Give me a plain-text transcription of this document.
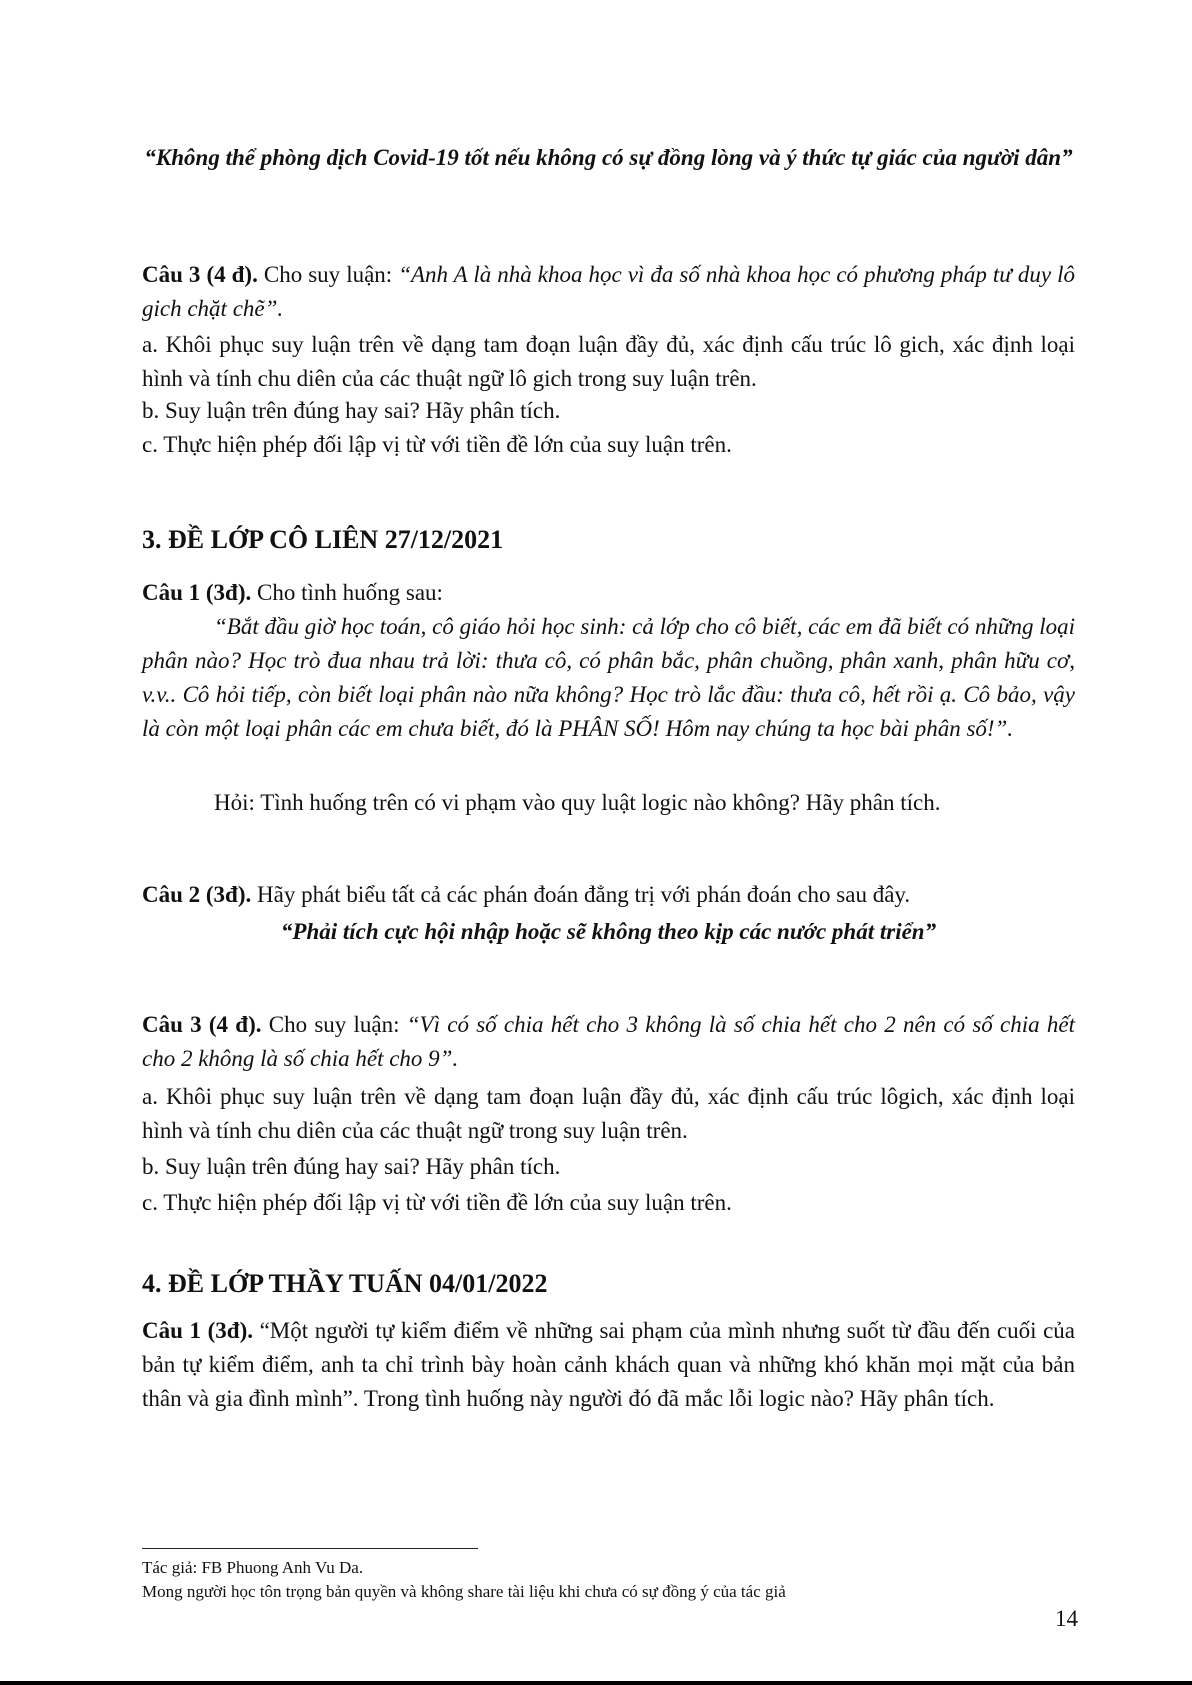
“Không thể phòng dịch Covid-19 tốt nếu không có sự đồng lòng và ý thức tự giác của người dân”

Câu 3 (4 đ). Cho suy luận: “Anh A là nhà khoa học vì đa số nhà khoa học có phương pháp tư duy lô gich chặt chẽ”.

a. Khôi phục suy luận trên về dạng tam đoạn luận đầy đủ, xác định cấu trúc lô gich, xác định loại hình và tính chu diên của các thuật ngữ lô gich trong suy luận trên.

b. Suy luận trên đúng hay sai? Hãy phân tích.

c. Thực hiện phép đối lập vị từ với tiền đề lớn của suy luận trên.

3. ĐỀ LỚP CÔ LIÊN 27/12/2021

Câu 1 (3đ). Cho tình huống sau:

“Bắt đầu giờ học toán, cô giáo hỏi học sinh: cả lớp cho cô biết, các em đã biết có những loại phân nào? Học trò đua nhau trả lời: thưa cô, có phân bắc, phân chuồng, phân xanh, phân hữu cơ, v.v.. Cô hỏi tiếp, còn biết loại phân nào nữa không? Học trò lắc đầu: thưa cô, hết rồi ạ. Cô bảo, vậy là còn một loại phân các em chưa biết, đó là PHÂN SỐ! Hôm nay chúng ta học bài phân số!”.

Hỏi: Tình huống trên có vi phạm vào quy luật logic nào không? Hãy phân tích.

Câu 2 (3đ). Hãy phát biểu tất cả các phán đoán đẳng trị với phán đoán cho sau đây.

“Phải tích cực hội nhập hoặc sẽ không theo kịp các nước phát triển”

Câu 3 (4 đ). Cho suy luận: “Vì có số chia hết cho 3 không là số chia hết cho 2 nên có số chia hết cho 2 không là số chia hết cho 9”.

a. Khôi phục suy luận trên về dạng tam đoạn luận đầy đủ, xác định cấu trúc lôgich, xác định loại hình và tính chu diên của các thuật ngữ trong suy luận trên.

b. Suy luận trên đúng hay sai? Hãy phân tích.

c. Thực hiện phép đối lập vị từ với tiền đề lớn của suy luận trên.

4. ĐỀ LỚP THẦY TUẤN 04/01/2022

Câu 1 (3đ). “Một người tự kiểm điểm về những sai phạm của mình nhưng suốt từ đầu đến cuối của bản tự kiểm điểm, anh ta chỉ trình bày hoàn cảnh khách quan và những khó khăn mọi mặt của bản thân và gia đình mình”. Trong tình huống này người đó đã mắc lỗi logic nào? Hãy phân tích.

Tác giả: FB Phuong Anh Vu Da.

Mong người học tôn trọng bản quyền và không share tài liệu khi chưa có sự đồng ý của tác giả

14
